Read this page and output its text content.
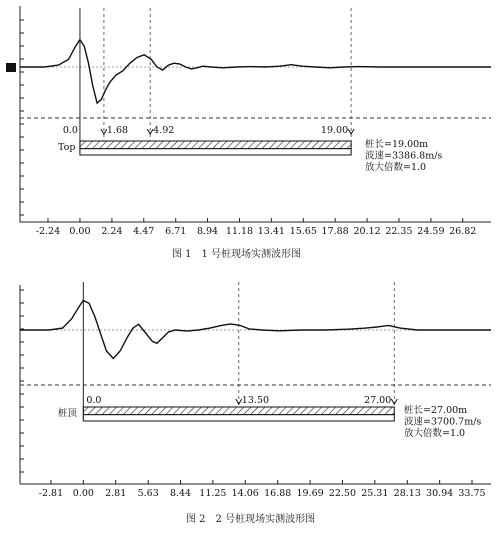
-2.24 0.00 2.24 4.47 6.71 8.94 11.18 13.41 15.65 17.88 20.12 22.35 24.59 26.82
Top
0.0	1.68	4.92	19.00
桩长=19.00m
波速=3386.8m/s
放大倍数=1.0
图 1　1 号桩现场实测波形图
-2.81 0.00 2.81 5.63 8.44 11.25 14.06 16.88 19.69 22.50 25.31 28.13 30.94 33.75
桩顶
0.0	13.50	27.00
桩长=27.00m
波速=3700.7m/s
放大倍数=1.0
图 2　2 号桩现场实测波形图
